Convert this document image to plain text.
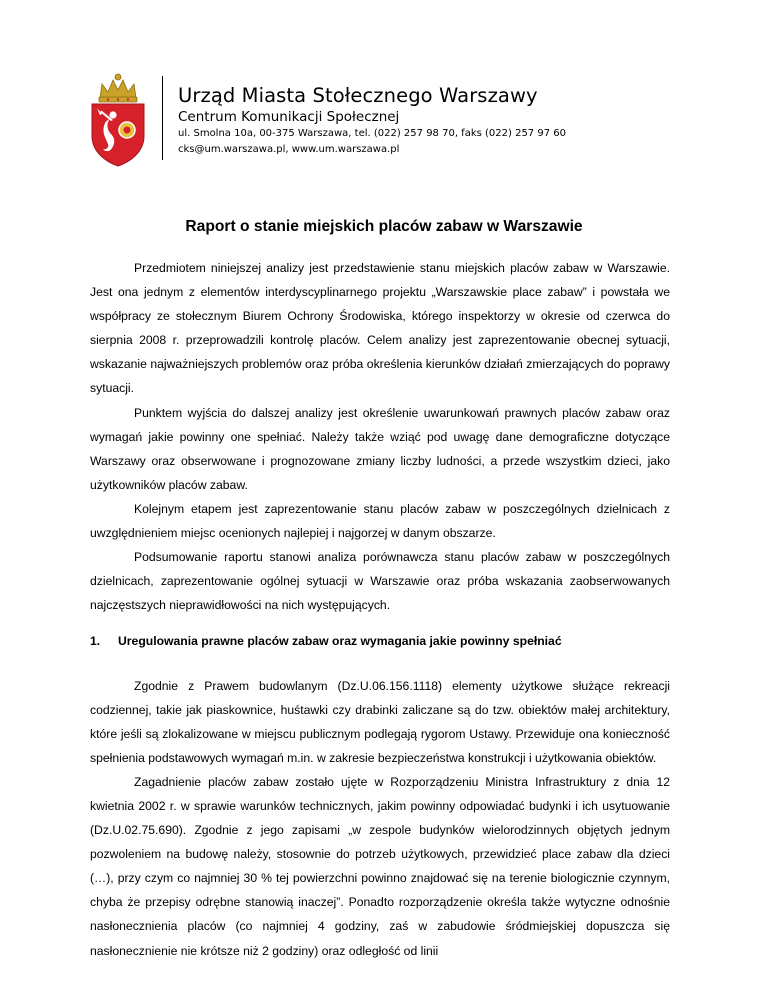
Urząd Miasta Stołecznego Warszawy
Centrum Komunikacji Społecznej
ul. Smolna 10a, 00-375 Warszawa, tel. (022) 257 98 70, faks (022) 257 97 60
cks@um.warszawa.pl, www.um.warszawa.pl
Raport o stanie miejskich placów zabaw w Warszawie

Przedmiotem niniejszej analizy jest przedstawienie stanu miejskich placów zabaw w Warszawie. Jest ona jednym z elementów interdyscyplinarnego projektu „Warszawskie place zabaw” i powstała we współpracy ze stołecznym Biurem Ochrony Środowiska, którego inspektorzy w okresie od czerwca do sierpnia 2008 r. przeprowadzili kontrolę placów. Celem analizy jest zaprezentowanie obecnej sytuacji, wskazanie najważniejszych problemów oraz próba określenia kierunków działań zmierzających do poprawy sytuacji.

Punktem wyjścia do dalszej analizy jest określenie uwarunkowań prawnych placów zabaw oraz wymagań jakie powinny one spełniać. Należy także wziąć pod uwagę dane demograficzne dotyczące Warszawy oraz obserwowane i prognozowane zmiany liczby ludności, a przede wszystkim dzieci, jako użytkowników placów zabaw.

Kolejnym etapem jest zaprezentowanie stanu placów zabaw w poszczególnych dzielnicach z uwzględnieniem miejsc ocenionych najlepiej i najgorzej w danym obszarze.

Podsumowanie raportu stanowi analiza porównawcza stanu placów zabaw w poszczególnych dzielnicach, zaprezentowanie ogólnej sytuacji w Warszawie oraz próba wskazania zaobserwowanych najczęstszych nieprawidłowości na nich występujących.

1. Uregulowania prawne placów zabaw oraz wymagania jakie powinny spełniać

Zgodnie z Prawem budowlanym (Dz.U.06.156.1118) elementy użytkowe służące rekreacji codziennej, takie jak piaskownice, huśtawki czy drabinki zaliczane są do tzw. obiektów małej architektury, które jeśli są zlokalizowane w miejscu publicznym podlegają rygorom Ustawy. Przewiduje ona konieczność spełnienia podstawowych wymagań m.in. w zakresie bezpieczeństwa konstrukcji i użytkowania obiektów.

Zagadnienie placów zabaw zostało ujęte w Rozporządzeniu Ministra Infrastruktury z dnia 12 kwietnia 2002 r. w sprawie warunków technicznych, jakim powinny odpowiadać budynki i ich usytuowanie (Dz.U.02.75.690). Zgodnie z jego zapisami „w zespole budynków wielorodzinnych objętych jednym pozwoleniem na budowę należy, stosownie do potrzeb użytkowych, przewidzieć place zabaw dla dzieci (…), przy czym co najmniej 30 % tej powierzchni powinno znajdować się na terenie biologicznie czynnym, chyba że przepisy odrębne stanowią inaczej”. Ponadto rozporządzenie określa także wytyczne odnośnie nasłonecznienia placów (co najmniej 4 godziny, zaś w zabudowie śródmiejskiej dopuszcza się nasłonecznienie nie krótsze niż 2 godziny) oraz odległość od linii
